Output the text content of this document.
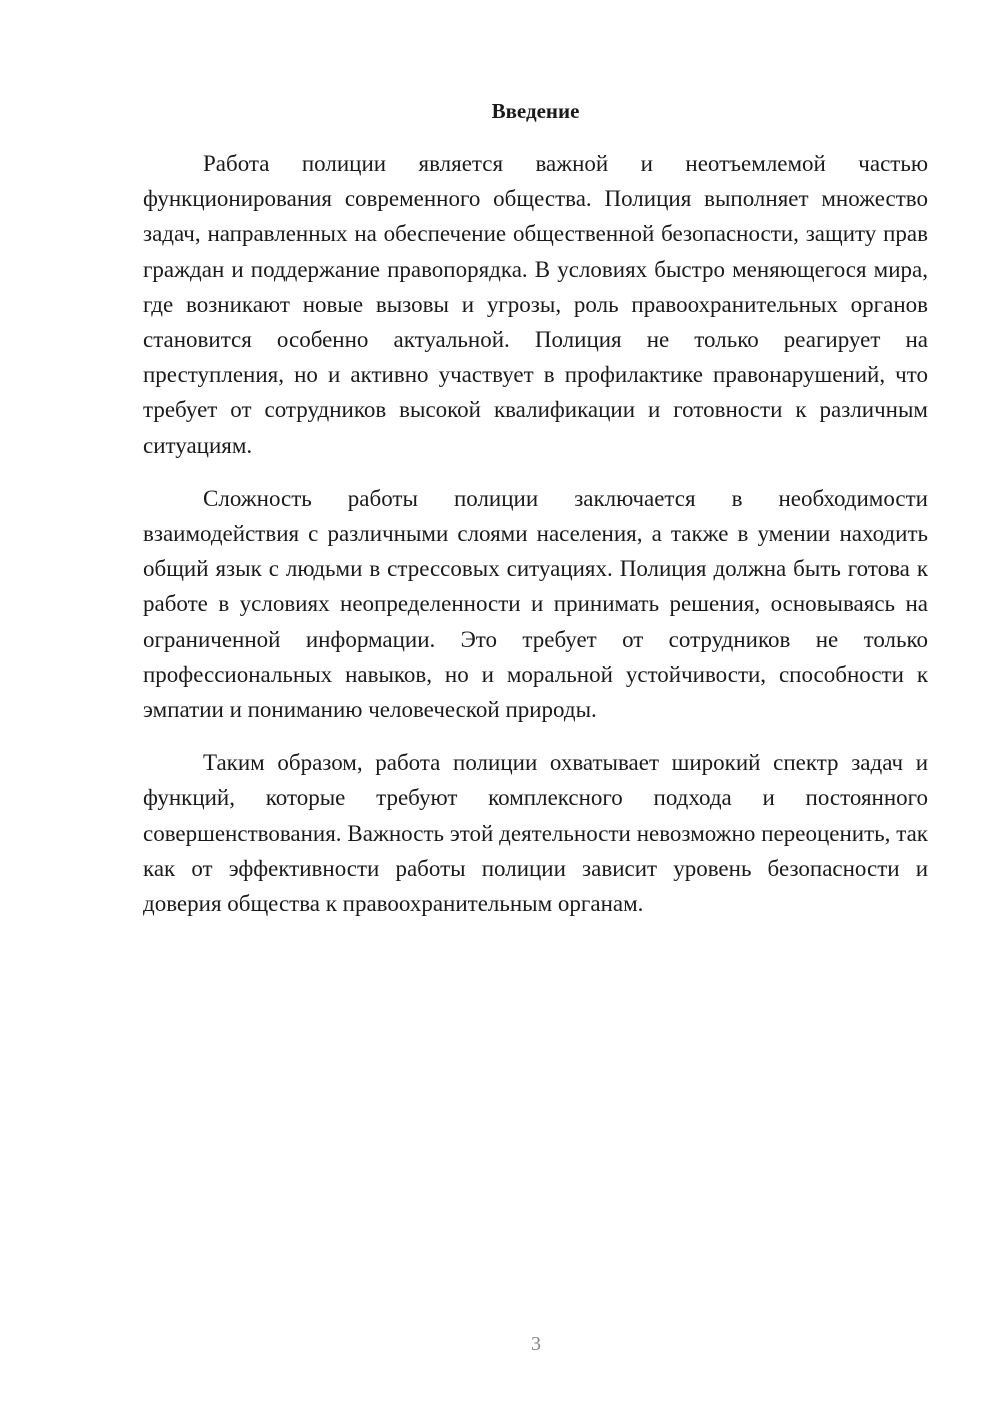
Введение

Работа полиции является важной и неотъемлемой частью функционирования современного общества. Полиция выполняет множество задач, направленных на обеспечение общественной безопасности, защиту прав граждан и поддержание правопорядка. В условиях быстро меняющегося мира, где возникают новые вызовы и угрозы, роль правоохранительных органов становится особенно актуальной. Полиция не только реагирует на преступления, но и активно участвует в профилактике правонарушений, что требует от сотрудников высокой квалификации и готовности к различным ситуациям.

Сложность работы полиции заключается в необходимости взаимодействия с различными слоями населения, а также в умении находить общий язык с людьми в стрессовых ситуациях. Полиция должна быть готова к работе в условиях неопределенности и принимать решения, основываясь на ограниченной информации. Это требует от сотрудников не только профессиональных навыков, но и моральной устойчивости, способности к эмпатии и пониманию человеческой природы.

Таким образом, работа полиции охватывает широкий спектр задач и функций, которые требуют комплексного подхода и постоянного совершенствования. Важность этой деятельности невозможно переоценить, так как от эффективности работы полиции зависит уровень безопасности и доверия общества к правоохранительным органам.

3
